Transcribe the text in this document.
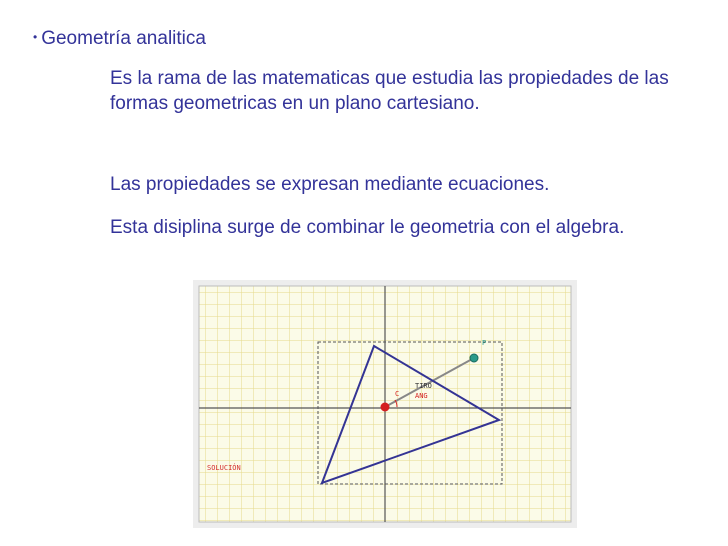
• Geometría analitica
Es la rama de las matematicas que estudia las propiedades de las formas geometricas en un plano cartesiano.
Las propiedades se expresan mediante ecuaciones.
Esta disiplina surge de combinar le geometria con el algebra.
C
P
TIRO
ANG
SOLUCIÓN
